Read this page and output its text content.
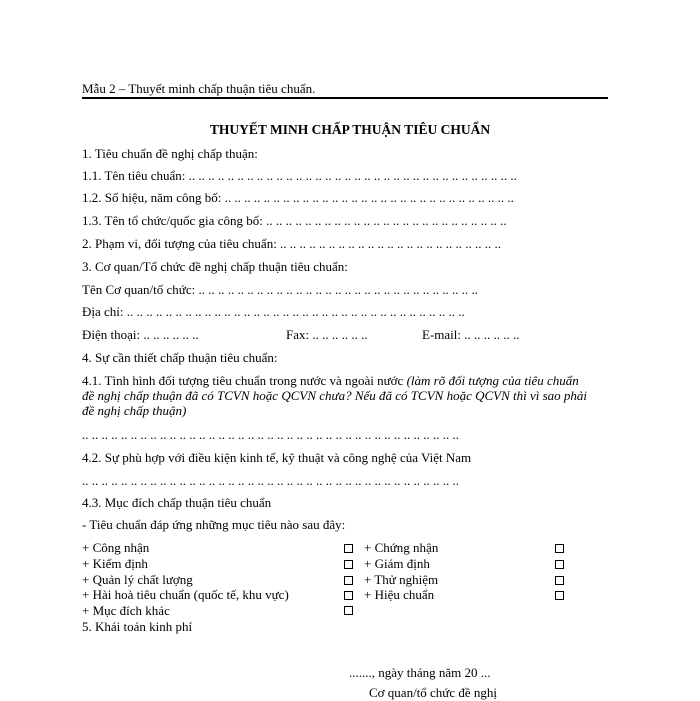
Mẫu 2 – Thuyết minh chấp thuận tiêu chuẩn.
THUYẾT MINH CHẤP THUẬN TIÊU CHUẨN
1. Tiêu chuẩn đề nghị chấp thuận:
1.1. Tên tiêu chuẩn: .. .. .. .. .. .. .. .. .. .. .. .. .. .. .. .. .. .. .. .. .. .. .. .. .. .. .. .. .. .. .. .. .. ..
1.2. Số hiệu, năm công bố: .. .. .. .. .. .. .. .. .. .. .. .. .. .. .. .. .. .. .. .. .. .. .. .. .. .. .. .. .. ..
1.3. Tên tổ chức/quốc gia công bố: .. .. .. .. .. .. .. .. .. .. .. .. .. .. .. .. .. .. .. .. .. .. .. .. ..
2. Phạm vi, đối tượng của tiêu chuẩn: .. .. .. .. .. .. .. .. .. .. .. .. .. .. .. .. .. .. .. .. .. .. ..
3. Cơ quan/Tổ chức đề nghị chấp thuận tiêu chuẩn:
Tên Cơ quan/tổ chức: .. .. .. .. .. .. .. .. .. .. .. .. .. .. .. .. .. .. .. .. .. .. .. .. .. .. .. .. ..
Địa chỉ: .. .. .. .. .. .. .. .. .. .. .. .. .. .. .. .. .. .. .. .. .. .. .. .. .. .. .. .. .. .. .. .. .. .. ..
Điện thoại: .. .. .. .. .. ..	Fax: .. .. .. .. .. ..	E-mail: .. .. .. .. .. ..
4. Sự cần thiết chấp thuận tiêu chuẩn:
4.1. Tình hình đối tượng tiêu chuẩn trong nước và ngoài nước (làm rõ đối tượng của tiêu chuẩn
đề nghị chấp thuận đã có TCVN hoặc QCVN chưa? Nếu đã có TCVN hoặc QCVN thì vì sao phải
đề nghị chấp thuận)
.. .. .. .. .. .. .. .. .. .. .. .. .. .. .. .. .. .. .. .. .. .. .. .. .. .. .. .. .. .. .. .. .. .. .. .. .. .. ..
4.2. Sự phù hợp với điều kiện kinh tế, kỹ thuật và công nghệ của Việt Nam
.. .. .. .. .. .. .. .. .. .. .. .. .. .. .. .. .. .. .. .. .. .. .. .. .. .. .. .. .. .. .. .. .. .. .. .. .. .. ..
4.3. Mục đích chấp thuận tiêu chuẩn
- Tiêu chuẩn đáp ứng những mục tiêu nào sau đây:
+ Công nhận
+ Kiểm định
+ Quản lý chất lượng
+ Hài hoà tiêu chuẩn (quốc tế, khu vực)
+ Mục đích khác
+ Chứng nhận
+ Giám định
+ Thử nghiệm
+ Hiệu chuẩn
5. Khái toán kinh phí
......., ngày tháng năm 20 ...
Cơ quan/tổ chức đề nghị
